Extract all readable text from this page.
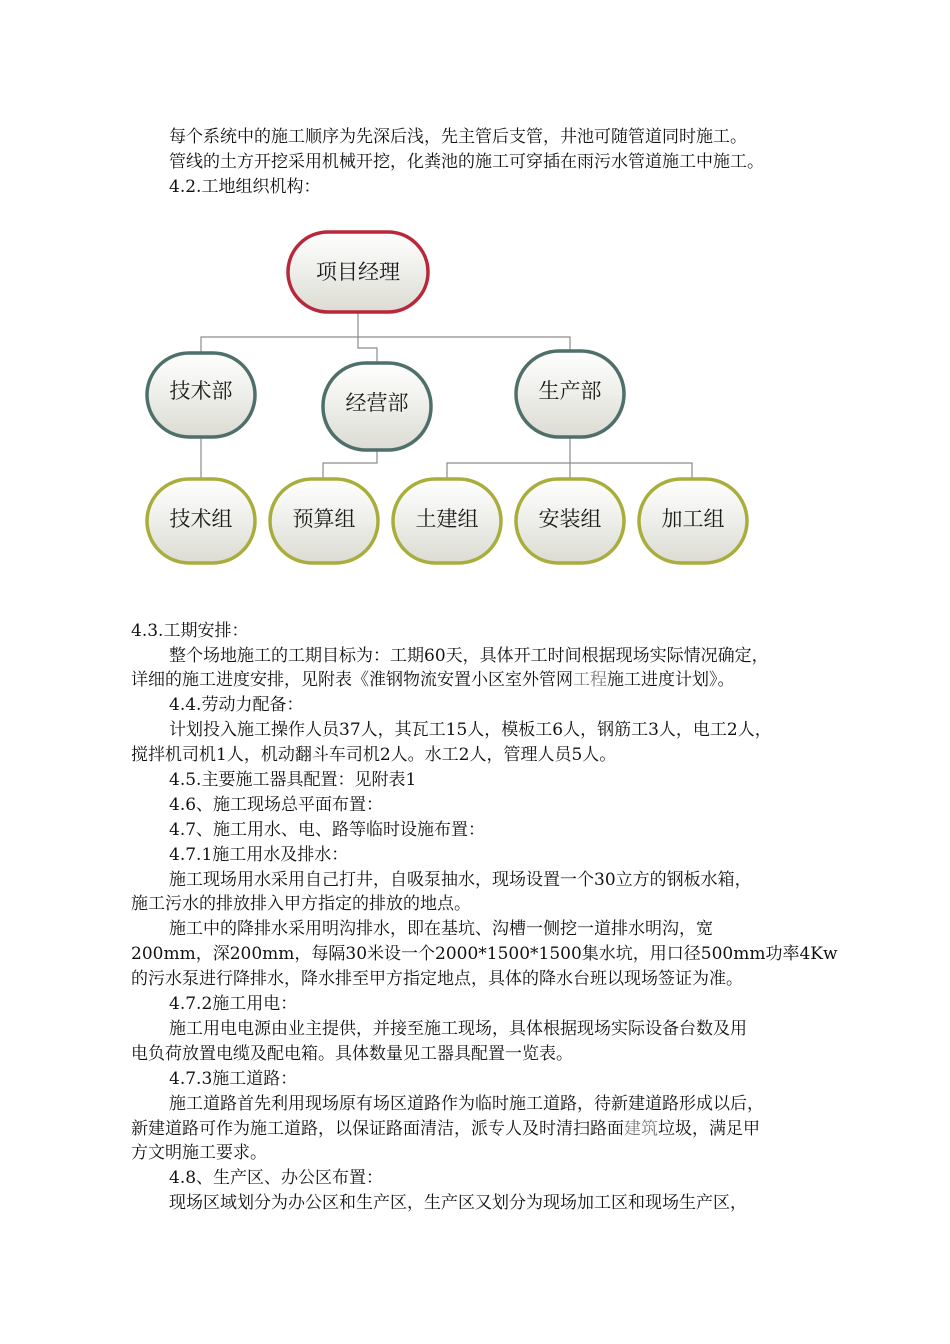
每个系统中的施工顺序为先深后浅，先主管后支管，井池可随管道同时施工。
管线的土方开挖采用机械开挖，化粪池的施工可穿插在雨污水管道施工中施工。
4.2.工地组织机构：
项目经理
技术部	经营部	生产部
技术组	预算组	土建组	安装组	加工组
4.3.工期安排：
整个场地施工的工期目标为：工期60天，具体开工时间根据现场实际情况确定，
详细的施工进度安排，见附表《淮钢物流安置小区室外管网工程施工进度计划》。
4.4.劳动力配备：
计划投入施工操作人员37人，其瓦工15人，模板工6人，钢筋工3人，电工2人，
搅拌机司机1人，机动翻斗车司机2人。水工2人，管理人员5人。
4.5.主要施工器具配置：见附表1
4.6、施工现场总平面布置：
4.7、施工用水、电、路等临时设施布置：
4.7.1施工用水及排水：
施工现场用水采用自己打井，自吸泵抽水，现场设置一个30立方的钢板水箱，
施工污水的排放排入甲方指定的排放的地点。
施工中的降排水采用明沟排水，即在基坑、沟槽一侧挖一道排水明沟，宽
200mm，深200mm，每隔30米设一个2000*1500*1500集水坑，用口径500mm功率4Kw
的污水泵进行降排水，降水排至甲方指定地点，具体的降水台班以现场签证为准。
4.7.2施工用电：
施工用电电源由业主提供，并接至施工现场，具体根据现场实际设备台数及用
电负荷放置电缆及配电箱。具体数量见工器具配置一览表。
4.7.3施工道路：
施工道路首先利用现场原有场区道路作为临时施工道路，待新建道路形成以后，
新建道路可作为施工道路，以保证路面清洁，派专人及时清扫路面建筑垃圾，满足甲
方文明施工要求。
4.8、生产区、办公区布置：
现场区域划分为办公区和生产区，生产区又划分为现场加工区和现场生产区，
